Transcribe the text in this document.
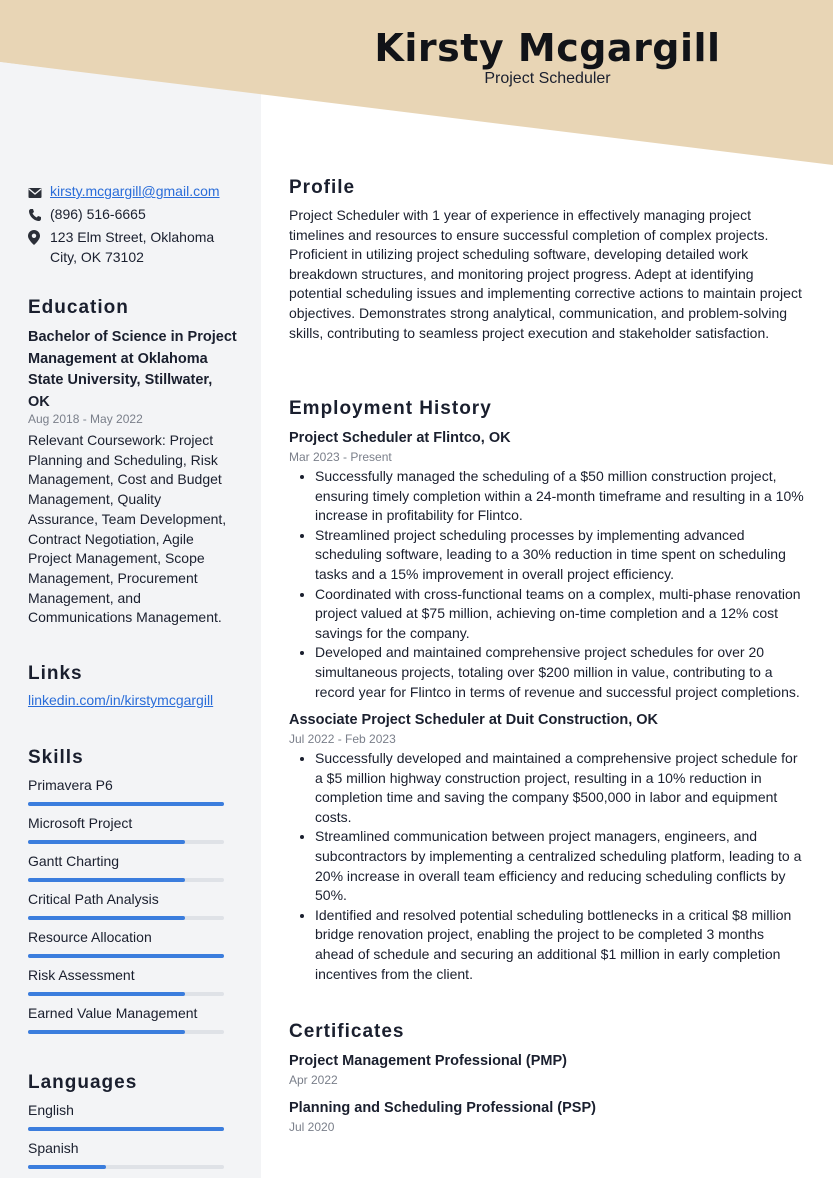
Kirsty Mcgargill
Project Scheduler
kirsty.mcgargill@gmail.com
(896) 516-6665
123 Elm Street, Oklahoma City, OK 73102
Education
Bachelor of Science in Project Management at Oklahoma State University, Stillwater, OK
Aug 2018 - May 2022
Relevant Coursework: Project Planning and Scheduling, Risk Management, Cost and Budget Management, Quality Assurance, Team Development, Contract Negotiation, Agile Project Management, Scope Management, Procurement Management, and Communications Management.
Links
linkedin.com/in/kirstymcgargill
Skills
Primavera P6
Microsoft Project
Gantt Charting
Critical Path Analysis
Resource Allocation
Risk Assessment
Earned Value Management
Languages
English
Spanish
Profile
Project Scheduler with 1 year of experience in effectively managing project timelines and resources to ensure successful completion of complex projects. Proficient in utilizing project scheduling software, developing detailed work breakdown structures, and monitoring project progress. Adept at identifying potential scheduling issues and implementing corrective actions to maintain project objectives. Demonstrates strong analytical, communication, and problem-solving skills, contributing to seamless project execution and stakeholder satisfaction.
Employment History
Project Scheduler at Flintco, OK
Mar 2023 - Present
• Successfully managed the scheduling of a $50 million construction project, ensuring timely completion within a 24-month timeframe and resulting in a 10% increase in profitability for Flintco.
• Streamlined project scheduling processes by implementing advanced scheduling software, leading to a 30% reduction in time spent on scheduling tasks and a 15% improvement in overall project efficiency.
• Coordinated with cross-functional teams on a complex, multi-phase renovation project valued at $75 million, achieving on-time completion and a 12% cost savings for the company.
• Developed and maintained comprehensive project schedules for over 20 simultaneous projects, totaling over $200 million in value, contributing to a record year for Flintco in terms of revenue and successful project completions.
Associate Project Scheduler at Duit Construction, OK
Jul 2022 - Feb 2023
• Successfully developed and maintained a comprehensive project schedule for a $5 million highway construction project, resulting in a 10% reduction in completion time and saving the company $500,000 in labor and equipment costs.
• Streamlined communication between project managers, engineers, and subcontractors by implementing a centralized scheduling platform, leading to a 20% increase in overall team efficiency and reducing scheduling conflicts by 50%.
• Identified and resolved potential scheduling bottlenecks in a critical $8 million bridge renovation project, enabling the project to be completed 3 months ahead of schedule and securing an additional $1 million in early completion incentives from the client.
Certificates
Project Management Professional (PMP)
Apr 2022
Planning and Scheduling Professional (PSP)
Jul 2020
